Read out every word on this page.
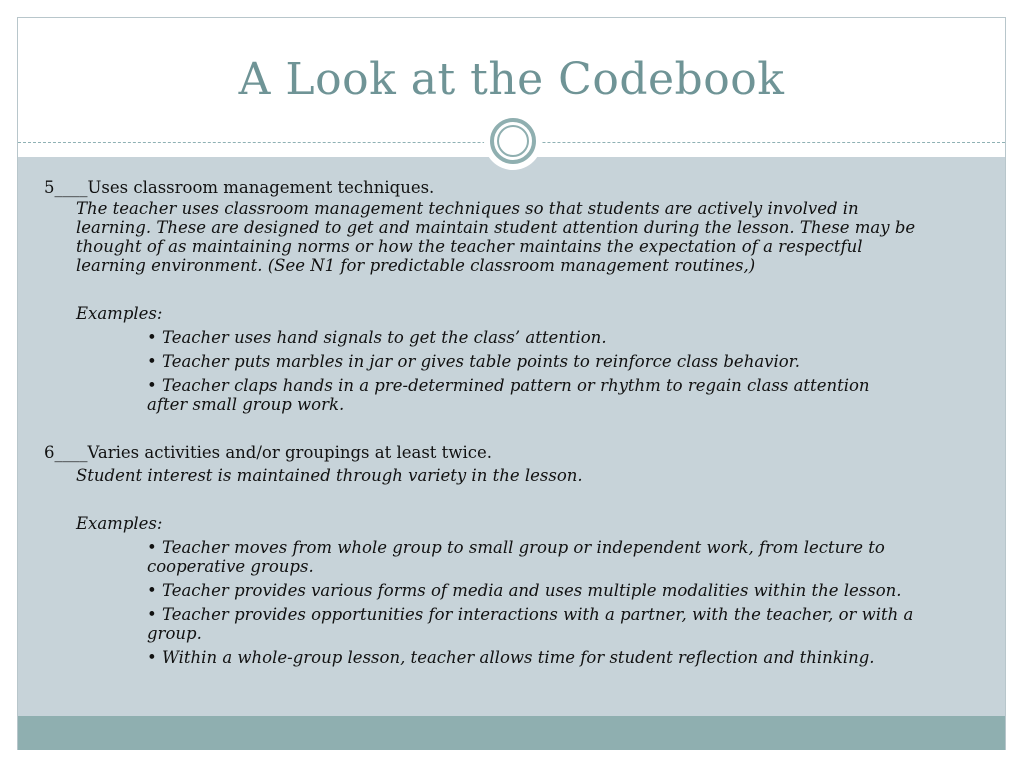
A Look at the Codebook
5____Uses classroom management techniques.
The teacher uses classroom management techniques so that students are actively involved in
learning. These are designed to get and maintain student attention during the lesson. These may be
thought of as maintaining norms or how the teacher maintains the expectation of a respectful
learning environment. (See N1 for predictable classroom management routines,)
Examples:
• Teacher uses hand signals to get the class’ attention.
• Teacher puts marbles in jar or gives table points to reinforce class behavior.
• Teacher claps hands in a pre-determined pattern or rhythm to regain class attention
after small group work.
6____Varies activities and/or groupings at least twice.
Student interest is maintained through variety in the lesson.
Examples:
• Teacher moves from whole group to small group or independent work, from lecture to
cooperative groups.
• Teacher provides various forms of media and uses multiple modalities within the lesson.
• Teacher provides opportunities for interactions with a partner, with the teacher, or with a
group.
• Within a whole-group lesson, teacher allows time for student reflection and thinking.
